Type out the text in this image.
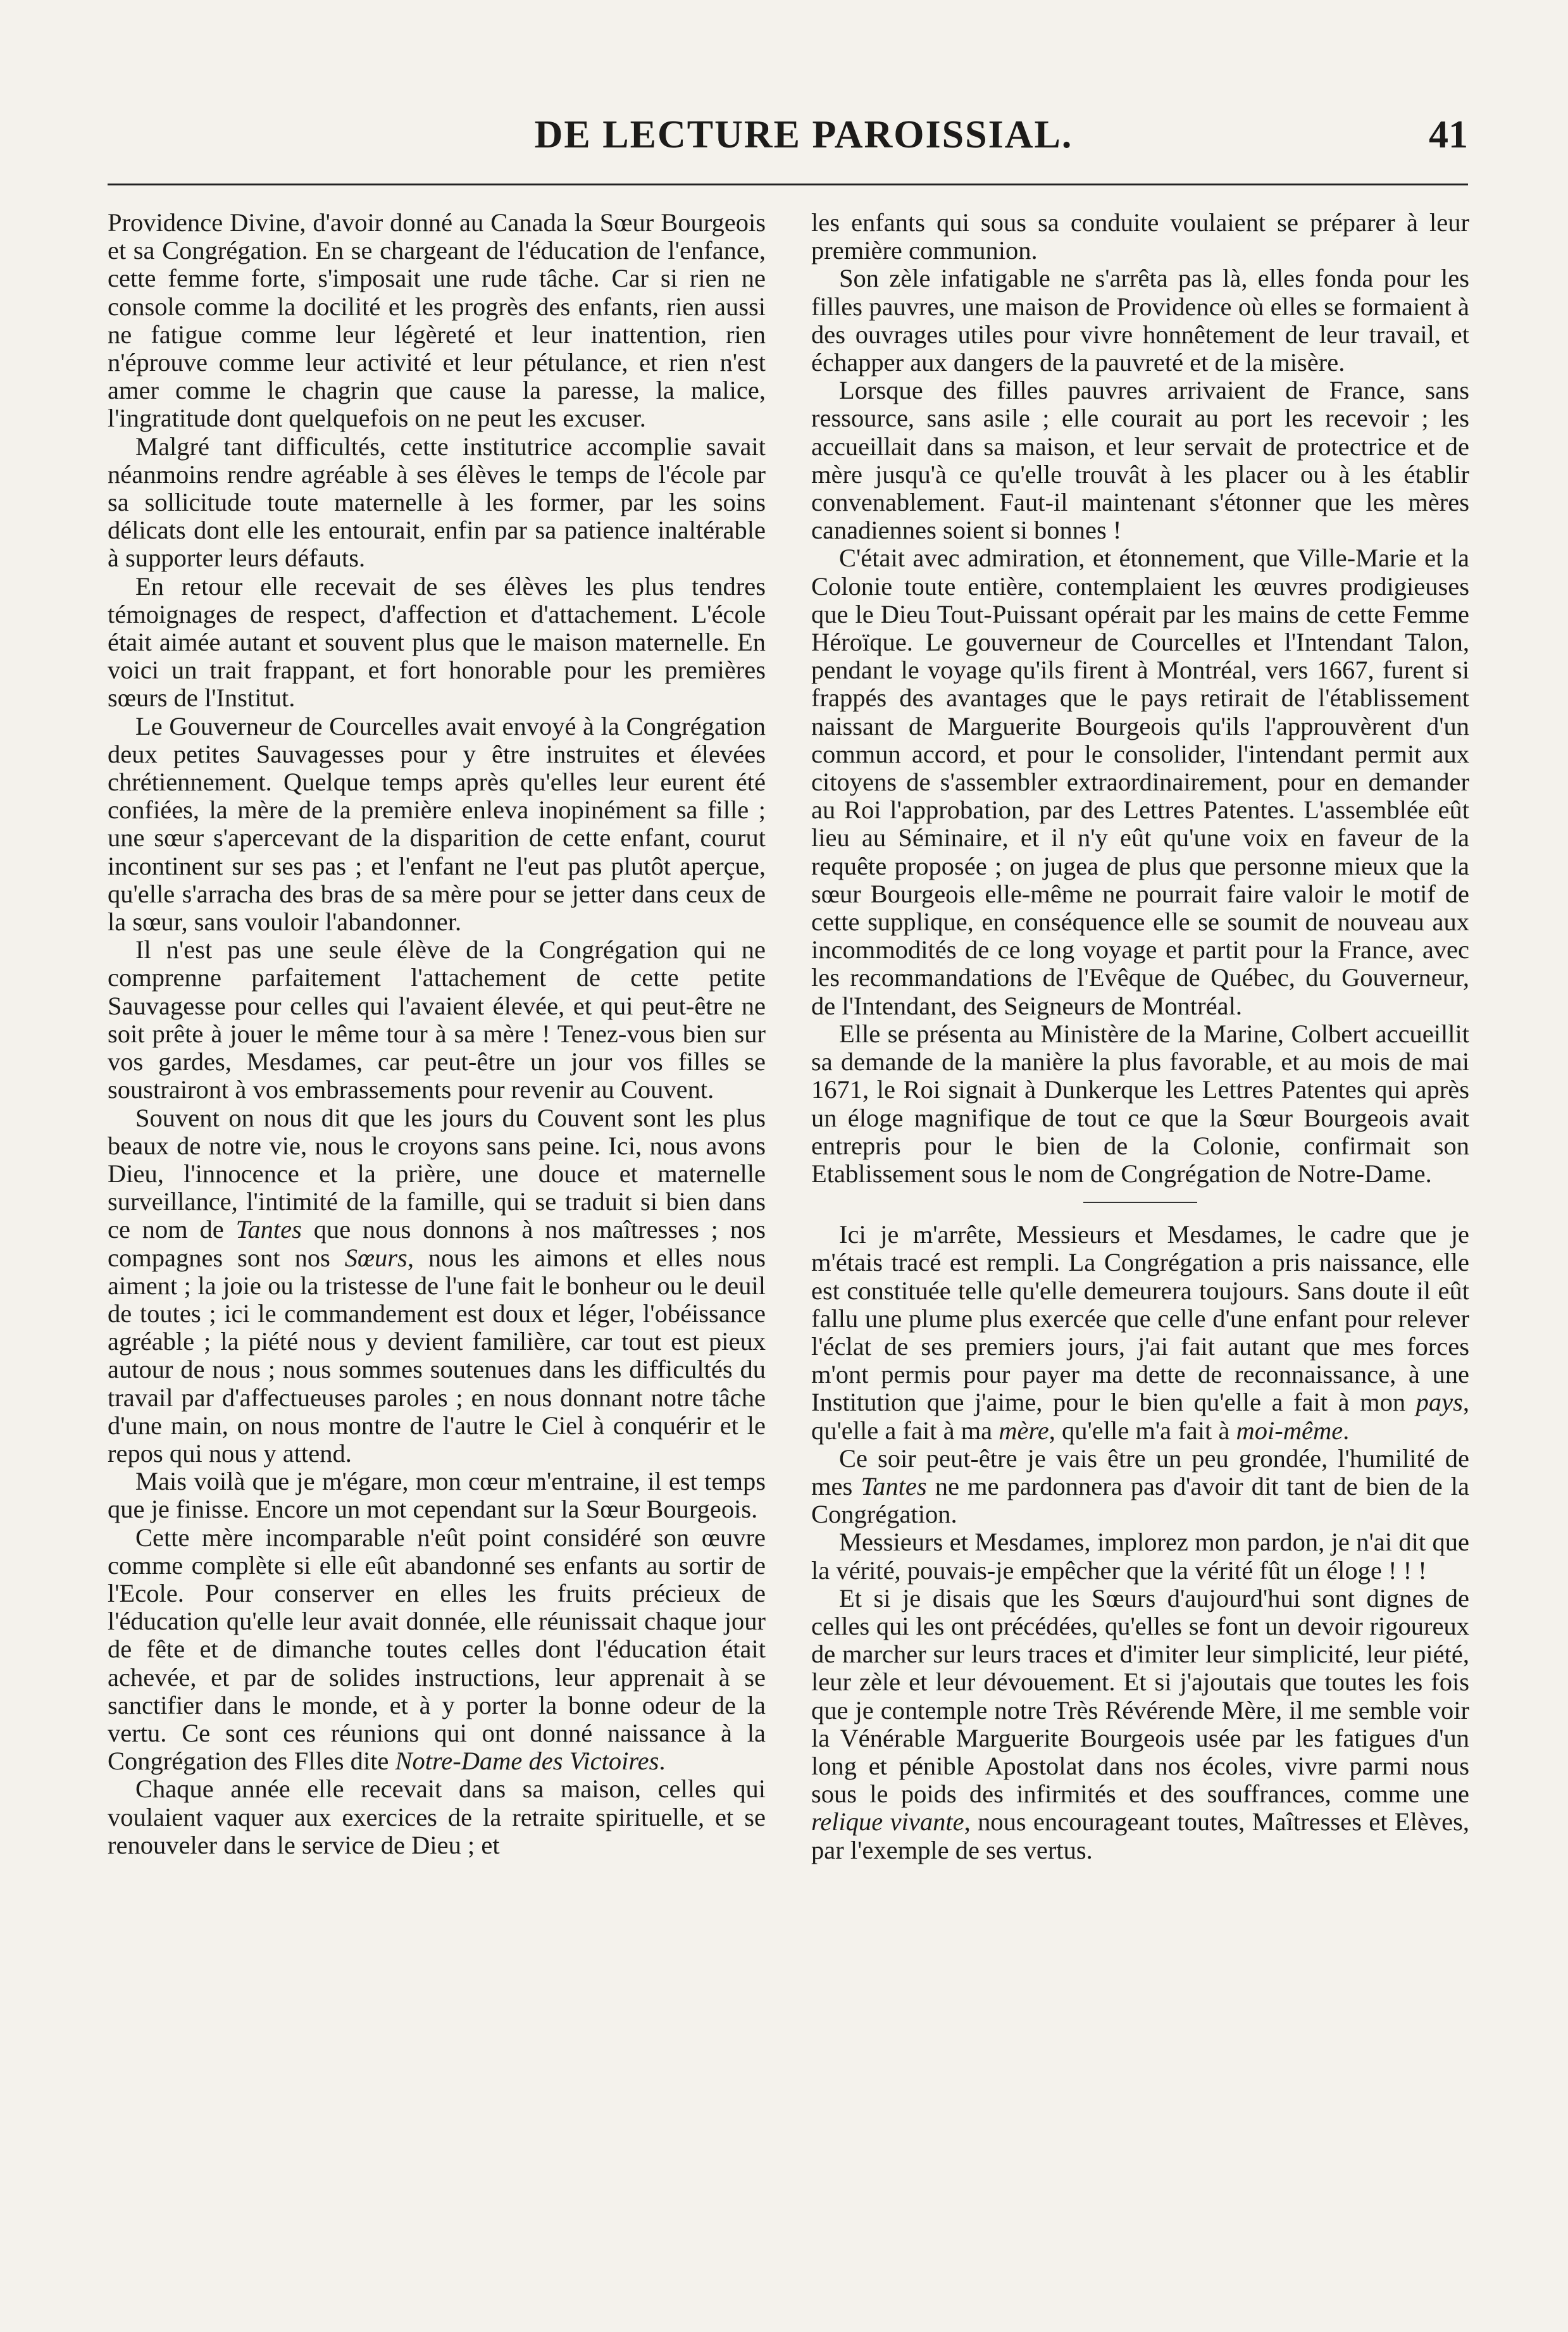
DE LECTURE PAROISSIAL.	41

Providence Divine, d'avoir donné au Canada la Sœur Bourgeois et sa Congrégation. En se chargeant de l'éducation de l'enfance, cette femme forte, s'imposait une rude tâche. Car si rien ne console comme la docilité et les progrès des enfants, rien aussi ne fatigue comme leur légèreté et leur inattention, rien n'éprouve comme leur activité et leur pétulance, et rien n'est amer comme le chagrin que cause la paresse, la malice, l'ingratitude dont quelquefois on ne peut les excuser.

Malgré tant difficultés, cette institutrice accomplie savait néanmoins rendre agréable à ses élèves le temps de l'école par sa sollicitude toute maternelle à les former, par les soins délicats dont elle les entourait, enfin par sa patience inaltérable à supporter leurs défauts.

En retour elle recevait de ses élèves les plus tendres témoignages de respect, d'affection et d'attachement. L'école était aimée autant et souvent plus que le maison maternelle. En voici un trait frappant, et fort honorable pour les premières sœurs de l'Institut.

Le Gouverneur de Courcelles avait envoyé à la Congrégation deux petites Sauvagesses pour y être instruites et élevées chrétiennement. Quelque temps après qu'elles leur eurent été confiées, la mère de la première enleva inopinément sa fille ; une sœur s'apercevant de la disparition de cette enfant, courut incontinent sur ses pas ; et l'enfant ne l'eut pas plutôt aperçue, qu'elle s'arracha des bras de sa mère pour se jetter dans ceux de la sœur, sans vouloir l'abandonner.

Il n'est pas une seule élève de la Congrégation qui ne comprenne parfaitement l'attachement de cette petite Sauvagesse pour celles qui l'avaient élevée, et qui peut-être ne soit prête à jouer le même tour à sa mère ! Tenez-vous bien sur vos gardes, Mesdames, car peut-être un jour vos filles se soustrairont à vos embrassements pour revenir au Couvent.

Souvent on nous dit que les jours du Couvent sont les plus beaux de notre vie, nous le croyons sans peine. Ici, nous avons Dieu, l'innocence et la prière, une douce et maternelle surveillance, l'intimité de la famille, qui se traduit si bien dans ce nom de Tantes que nous donnons à nos maîtresses ; nos compagnes sont nos Sœurs, nous les aimons et elles nous aiment ; la joie ou la tristesse de l'une fait le bonheur ou le deuil de toutes ; ici le commandement est doux et léger, l'obéissance agréable ; la piété nous y devient familière, car tout est pieux autour de nous ; nous sommes soutenues dans les difficultés du travail par d'affectueuses paroles ; en nous donnant notre tâche d'une main, on nous montre de l'autre le Ciel à conquérir et le repos qui nous y attend.

Mais voilà que je m'égare, mon cœur m'entraine, il est temps que je finisse. Encore un mot cependant sur la Sœur Bourgeois.

Cette mère incomparable n'eût point considéré son œuvre comme complète si elle eût abandonné ses enfants au sortir de l'Ecole. Pour conserver en elles les fruits précieux de l'éducation qu'elle leur avait donnée, elle réunissait chaque jour de fête et de dimanche toutes celles dont l'éducation était achevée, et par de solides instructions, leur apprenait à se sanctifier dans le monde, et à y porter la bonne odeur de la vertu. Ce sont ces réunions qui ont donné naissance à la Congrégation des Flles dite Notre-Dame des Victoires.

Chaque année elle recevait dans sa maison, celles qui voulaient vaquer aux exercices de la retraite spirituelle, et se renouveler dans le service de Dieu ; et

les enfants qui sous sa conduite voulaient se préparer à leur première communion.

Son zèle infatigable ne s'arrêta pas là, elles fonda pour les filles pauvres, une maison de Providence où elles se formaient à des ouvrages utiles pour vivre honnêtement de leur travail, et échapper aux dangers de la pauvreté et de la misère.

Lorsque des filles pauvres arrivaient de France, sans ressource, sans asile ; elle courait au port les recevoir ; les accueillait dans sa maison, et leur servait de protectrice et de mère jusqu'à ce qu'elle trouvât à les placer ou à les établir convenablement. Faut-il maintenant s'étonner que les mères canadiennes soient si bonnes !

C'était avec admiration, et étonnement, que Ville-Marie et la Colonie toute entière, contemplaient les œuvres prodigieuses que le Dieu Tout-Puissant opérait par les mains de cette Femme Héroïque. Le gouverneur de Courcelles et l'Intendant Talon, pendant le voyage qu'ils firent à Montréal, vers 1667, furent si frappés des avantages que le pays retirait de l'établissement naissant de Marguerite Bourgeois qu'ils l'approuvèrent d'un commun accord, et pour le consolider, l'intendant permit aux citoyens de s'assembler extraordinairement, pour en demander au Roi l'approbation, par des Lettres Patentes. L'assemblée eût lieu au Séminaire, et il n'y eût qu'une voix en faveur de la requête proposée ; on jugea de plus que personne mieux que la sœur Bourgeois elle-même ne pourrait faire valoir le motif de cette supplique, en conséquence elle se soumit de nouveau aux incommodités de ce long voyage et partit pour la France, avec les recommandations de l'Evêque de Québec, du Gouverneur, de l'Intendant, des Seigneurs de Montréal.

Elle se présenta au Ministère de la Marine, Colbert accueillit sa demande de la manière la plus favorable, et au mois de mai 1671, le Roi signait à Dunkerque les Lettres Patentes qui après un éloge magnifique de tout ce que la Sœur Bourgeois avait entrepris pour le bien de la Colonie, confirmait son Etablissement sous le nom de Congrégation de Notre-Dame.

Ici je m'arrête, Messieurs et Mesdames, le cadre que je m'étais tracé est rempli. La Congrégation a pris naissance, elle est constituée telle qu'elle demeurera toujours. Sans doute il eût fallu une plume plus exercée que celle d'une enfant pour relever l'éclat de ses premiers jours, j'ai fait autant que mes forces m'ont permis pour payer ma dette de reconnaissance, à une Institution que j'aime, pour le bien qu'elle a fait à mon pays, qu'elle a fait à ma mère, qu'elle m'a fait à moi-même.

Ce soir peut-être je vais être un peu grondée, l'humilité de mes Tantes ne me pardonnera pas d'avoir dit tant de bien de la Congrégation.

Messieurs et Mesdames, implorez mon pardon, je n'ai dit que la vérité, pouvais-je empêcher que la vérité fût un éloge ! ! !

Et si je disais que les Sœurs d'aujourd'hui sont dignes de celles qui les ont précédées, qu'elles se font un devoir rigoureux de marcher sur leurs traces et d'imiter leur simplicité, leur piété, leur zèle et leur dévouement. Et si j'ajoutais que toutes les fois que je contemple notre Très Révérende Mère, il me semble voir la Vénérable Marguerite Bourgeois usée par les fatigues d'un long et pénible Apostolat dans nos écoles, vivre parmi nous sous le poids des infirmités et des souffrances, comme une relique vivante, nous encourageant toutes, Maîtresses et Elèves, par l'exemple de ses vertus.
